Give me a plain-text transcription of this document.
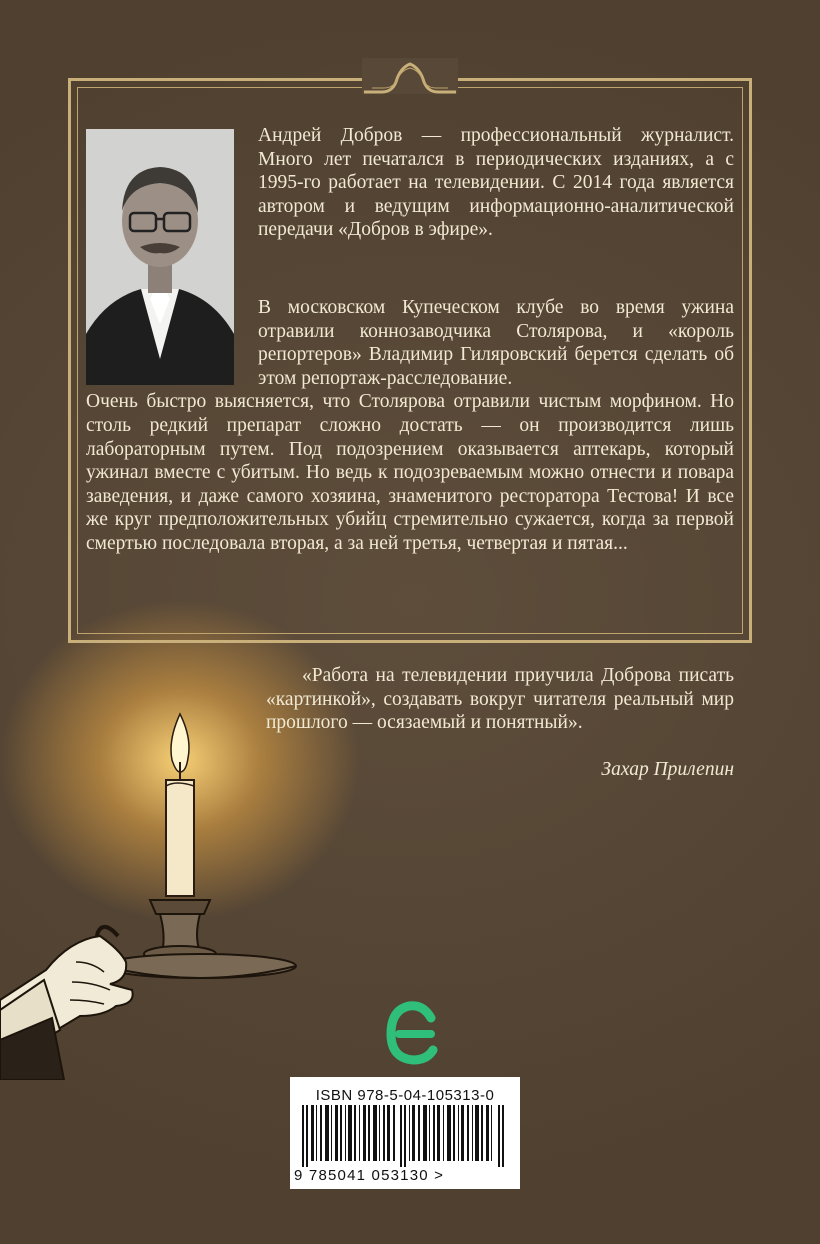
Андрей Добров — профессиональный журналист. Много лет печатался в периодических изданиях, а с 1995-го работает на телевидении. С 2014 года является автором и ведущим информационно-аналитической передачи «Добров в эфире».

В московском Купеческом клубе во время ужина отравили коннозаводчика Столярова, и «король репортеров» Владимир Гиляровский берется сделать об этом репортаж-расследование.

Очень быстро выясняется, что Столярова отравили чистым морфином. Но столь редкий препарат сложно достать — он производится лишь лабораторным путем. Под подозрением оказывается аптекарь, который ужинал вместе с убитым. Но ведь к подозреваемым можно отнести и повара заведения, и даже самого хозяина, знаменитого ресторатора Тестова! И все же круг предположительных убийц стремительно сужается, когда за первой смертью последовала вторая, а за ней третья, четвертая и пятая...

«Работа на телевидении приучила Доброва писать «картинкой», создавать вокруг читателя реальный мир прошлого — осязаемый и понятный».

Захар Прилепин
ISBN 978-5-04-105313-0
9 785041 053130 >
